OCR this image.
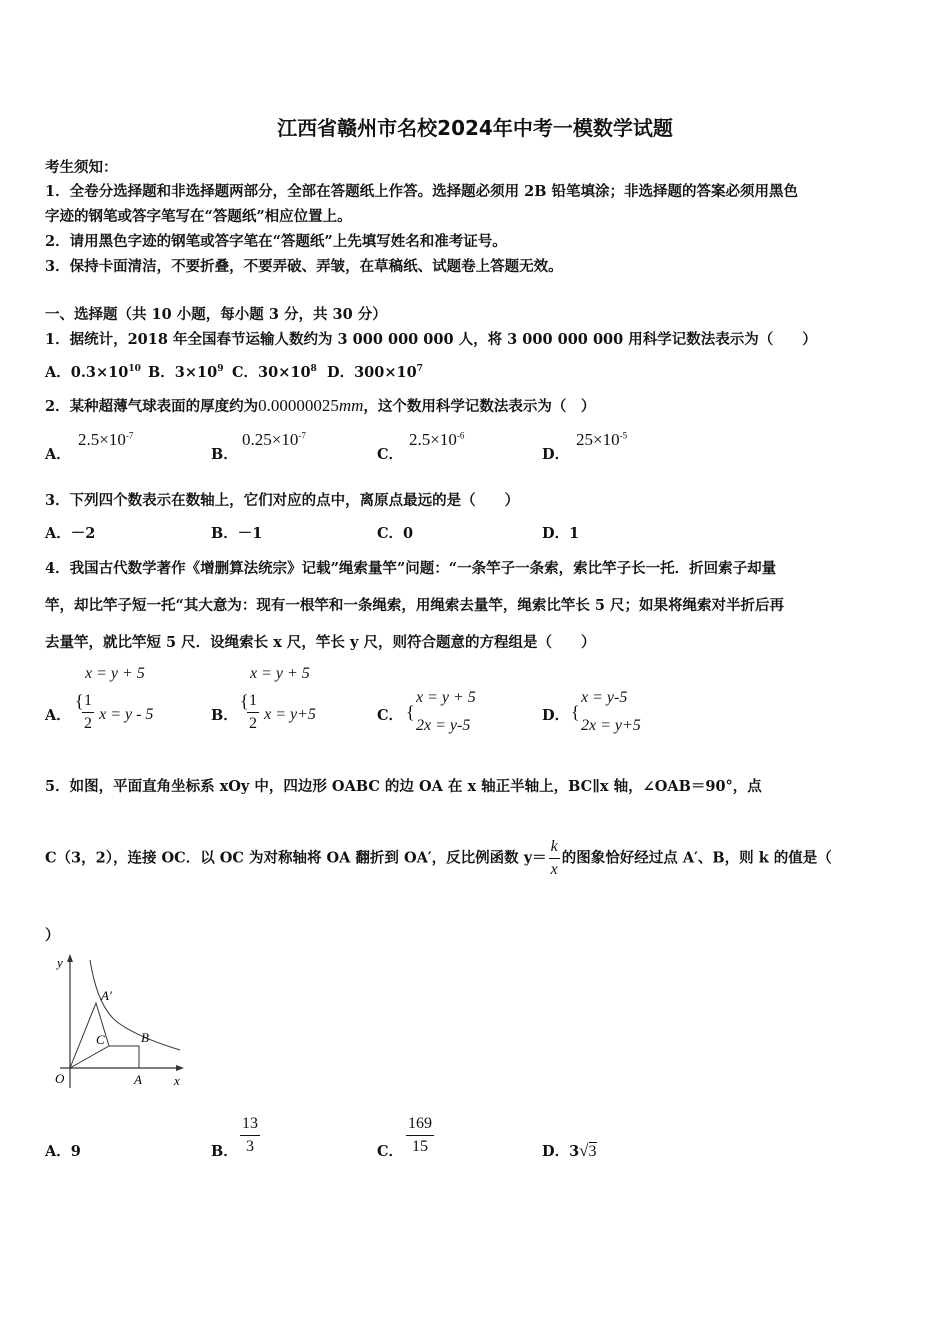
江西省赣州市名校2024年中考一模数学试题
考生须知：
1．全卷分选择题和非选择题两部分，全部在答题纸上作答。选择题必须用 2B 铅笔填涂；非选择题的答案必须用黑色
字迹的钢笔或答字笔写在“答题纸”相应位置上。
2．请用黑色字迹的钢笔或答字笔在“答题纸”上先填写姓名和准考证号。
3．保持卡面清洁，不要折叠，不要弄破、弄皱，在草稿纸、试题卷上答题无效。
一、选择题（共 10 小题，每小题 3 分，共 30 分）
1．据统计，2018 年全国春节运输人数约为 3 000 000 000 人，将 3 000 000 000 用科学记数法表示为（　　）
A．$0.3\times 10^{10}$ B．$3\times 10^9$ C．$30\times 10^8$ D．$300\times 10^7$
2．某种超薄气球表面的厚度约为0.00000025mm，这个数用科学记数法表示为（　）
A．
$2.5\times 10^{-7}$
B．
$0.25\times 10^{-7}$
C．
$2.5\times 10^{-6}$
D．
$25\times 10^{-5}$
3．下列四个数表示在数轴上，它们对应的点中，离原点最远的是（　　）
A．－2	B．－1	C．0	D．1
4．我国古代数学著作《增删算法统宗》记载”绳索量竿”问题：“一条竿子一条索，索比竿子长一托．折回索子却量
竿，却比竿子短一托“其大意为：现有一根竿和一条绳索，用绳索去量竿，绳索比竿长 5 尺；如果将绳索对半折后再
去量竿，就比竿短 5 尺．设绳索长 x 尺，竿长 y 尺，则符合题意的方程组是（　　）
A．
x = y + 5
{
$\frac{1}{2}$ x = y - 5	B．
x = y + 5
{
$\frac{1}{2}$ x = y+5	C． {
x = y + 5
2x = y-5
D． {
x = y-5
2x = y+5
5．如图，平面直角坐标系 xOy 中，四边形 OABC 的边 OA 在 x 轴正半轴上，BC∥x 轴，∠OAB＝90°，点
C（3，2），连接 OC．以 OC 为对称轴将 OA 翻折到 OA′，反比例函数 $y= \frac{k}{x}$ 的图象恰好经过点 A′、B，则 k 的值是（
）
y
x
O	A
B
C
A′
A．9	B． $\frac{13}{3}$	C． $\frac{169}{15}$	D．3√3
